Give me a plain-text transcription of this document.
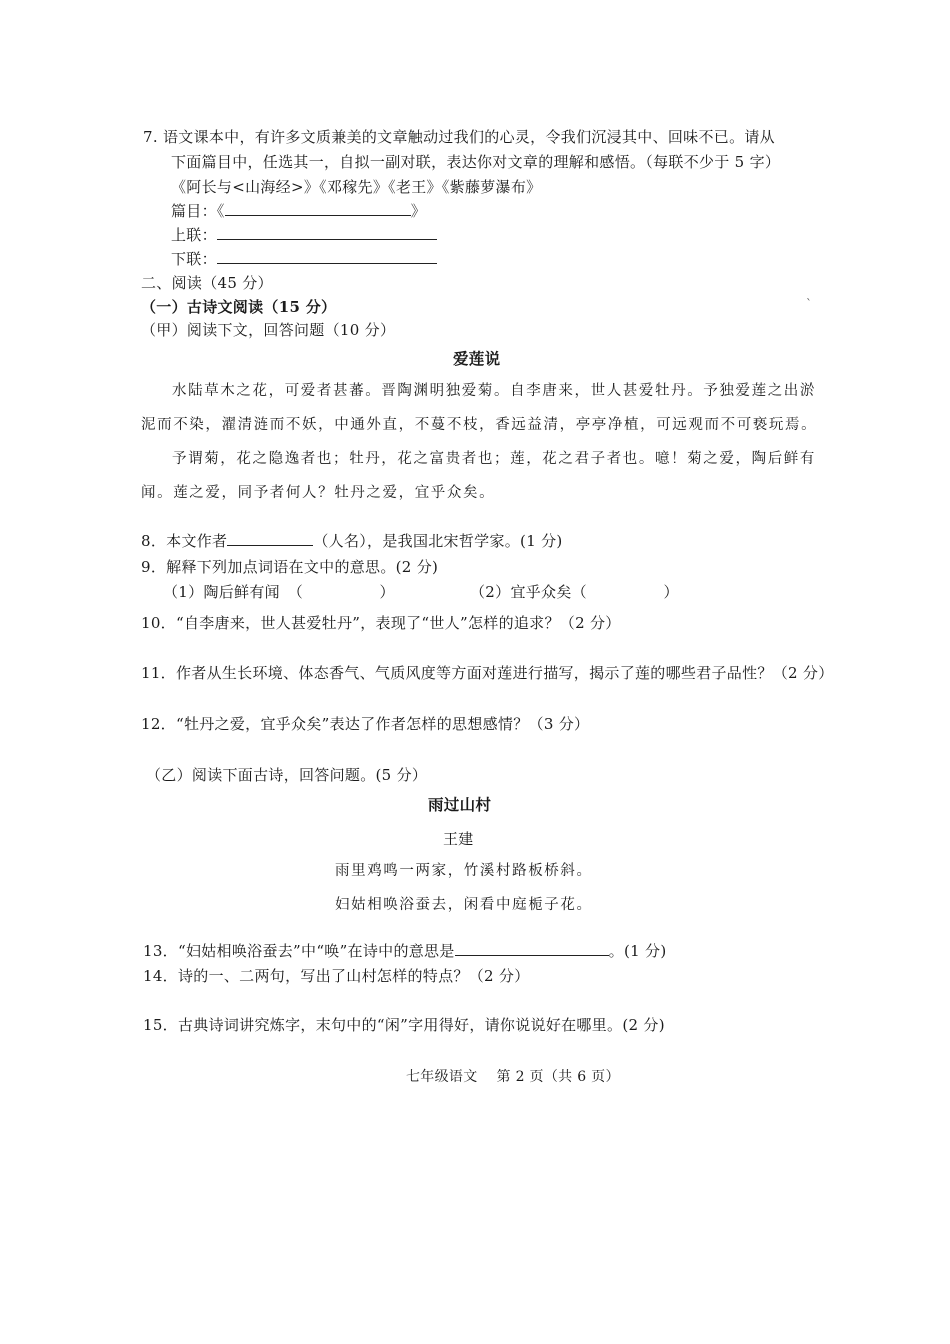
7. 语文课本中，有许多文质兼美的文章触动过我们的心灵，令我们沉浸其中、回味不已。请从
下面篇目中，任选其一，自拟一副对联，表达你对文章的理解和感悟。（每联不少于 5 字）
《阿长与<山海经>》《邓稼先》《老王》《紫藤萝瀑布》
篇目：《	》
上联：
下联：
二、阅读（45 分）
（一）古诗文阅读（15 分）
（甲）阅读下文，回答问题（10 分）
`
爱莲说
水陆草木之花，可爱者甚蕃。晋陶渊明独爱菊。自李唐来，世人甚爱牡丹。予独爱莲之出淤
泥而不染，濯清涟而不妖，中通外直，不蔓不枝，香远益清，亭亭净植，可远观而不可亵玩焉。
予谓菊，花之隐逸者也；牡丹，花之富贵者也；莲，花之君子者也。噫！菊之爱，陶后鲜有
闻。莲之爱，同予者何人？牡丹之爱，宜乎众矣。
8．本文作者	（人名），是我国北宋哲学家。(1 分)
9．解释下列加点词语在文中的意思。(2 分)
（1）陶后鲜有闻　（　　　　　）	（2）宜乎众矣（　　　　　）
10．“自李唐来，世人甚爱牡丹”，表现了“世人”怎样的追求？（2 分）
11．作者从生长环境、体态香气、气质风度等方面对莲进行描写，揭示了莲的哪些君子品性？（2 分）
12．“牡丹之爱，宜乎众矣”表达了作者怎样的思想感情？（3 分）
（乙）阅读下面古诗，回答问题。(5 分）
雨过山村
王建
雨里鸡鸣一两家，竹溪村路板桥斜。
妇姑相唤浴蚕去，闲看中庭栀子花。
13．“妇姑相唤浴蚕去”中“唤”在诗中的意思是	。(1 分)
14．诗的一、二两句，写出了山村怎样的特点？（2 分）
15．古典诗词讲究炼字，末句中的“闲”字用得好，请你说说好在哪里。(2 分)
七年级语文　 第 2 页（共 6 页）
